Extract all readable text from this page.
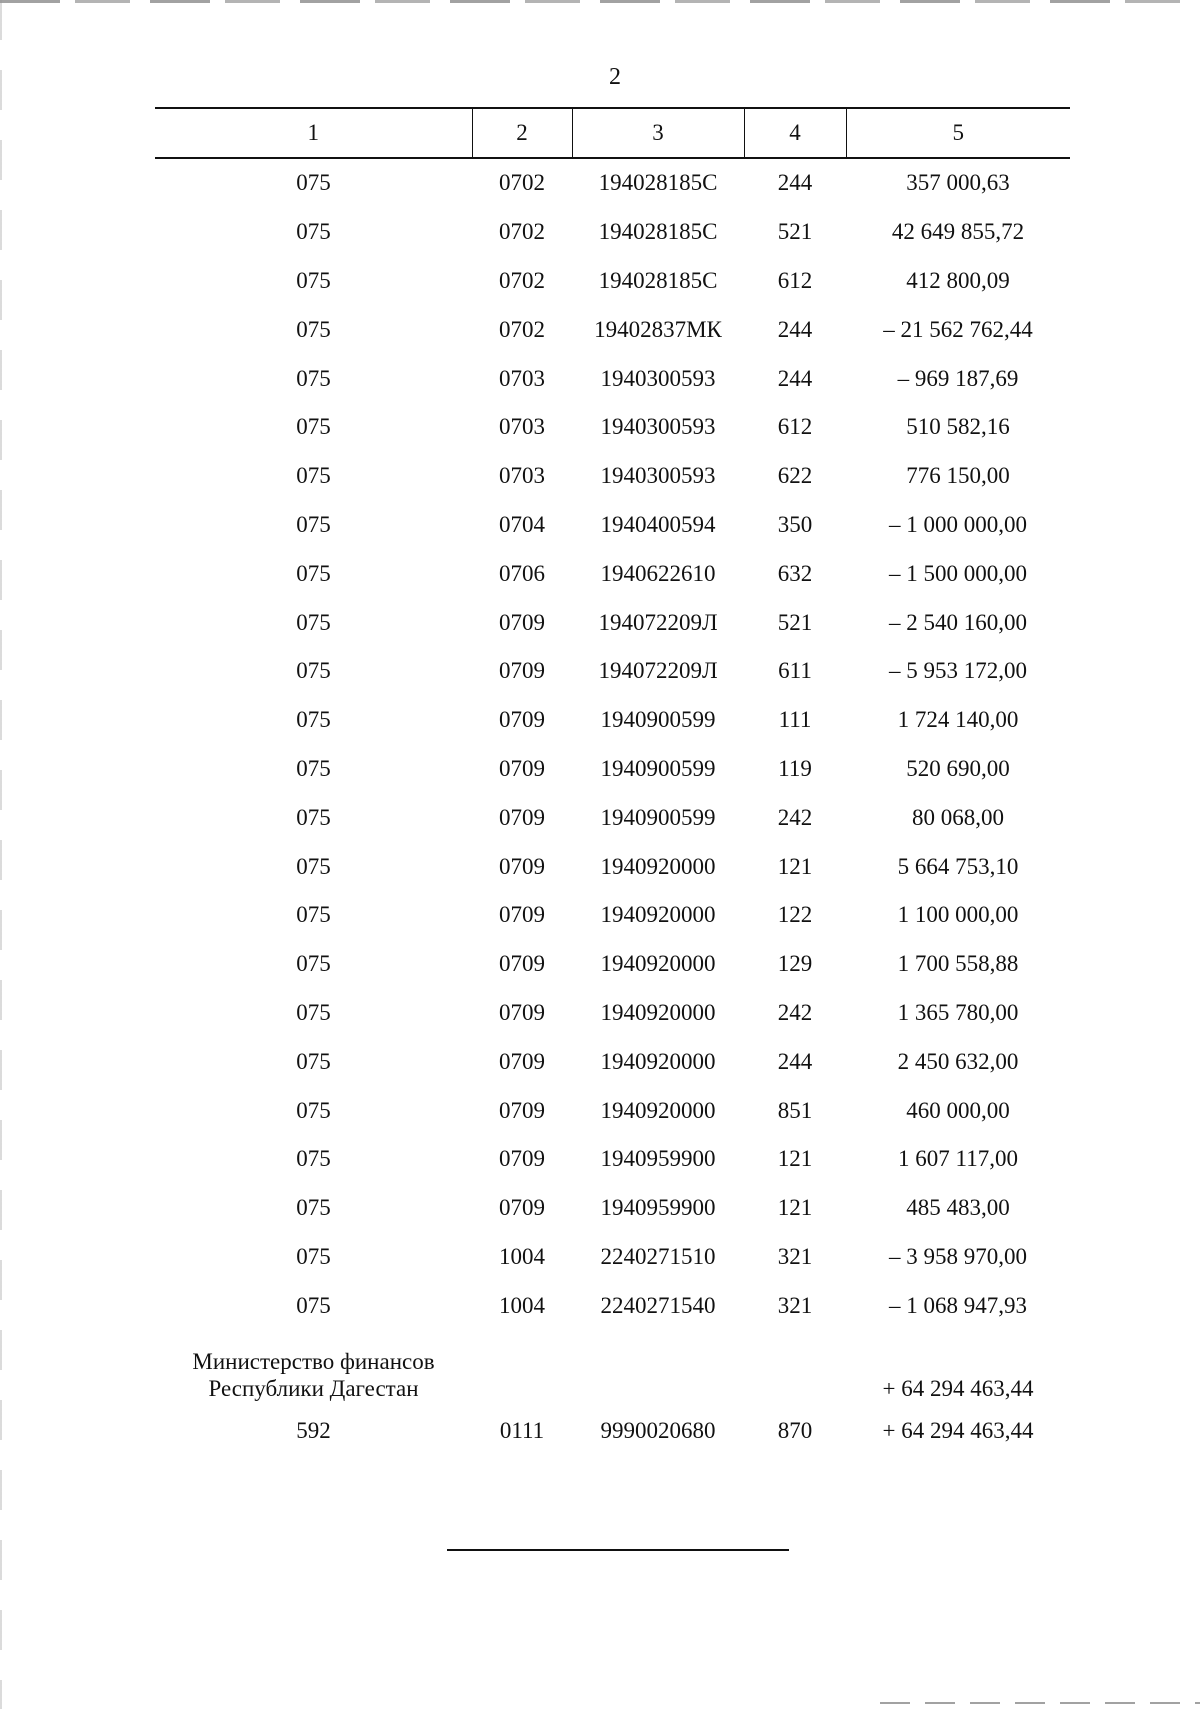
2
1	2	3	4	5
075	0702	194028185С	244	357 000,63
075	0702	194028185С	521	42 649 855,72
075	0702	194028185С	612	412 800,09
075	0702	19402837МК	244	– 21 562 762,44
075	0703	1940300593	244	– 969 187,69
075	0703	1940300593	612	510 582,16
075	0703	1940300593	622	776 150,00
075	0704	1940400594	350	– 1 000 000,00
075	0706	1940622610	632	– 1 500 000,00
075	0709	194072209Л	521	– 2 540 160,00
075	0709	194072209Л	611	– 5 953 172,00
075	0709	1940900599	111	1 724 140,00
075	0709	1940900599	119	520 690,00
075	0709	1940900599	242	80 068,00
075	0709	1940920000	121	5 664 753,10
075	0709	1940920000	122	1 100 000,00
075	0709	1940920000	129	1 700 558,88
075	0709	1940920000	242	1 365 780,00
075	0709	1940920000	244	2 450 632,00
075	0709	1940920000	851	460 000,00
075	0709	1940959900	121	1 607 117,00
075	0709	1940959900	121	485 483,00
075	1004	2240271510	321	– 3 958 970,00
075	1004	2240271540	321	– 1 068 947,93
Министерство финансов
Республики Дагестан				+ 64 294 463,44
592	0111	9990020680	870	+ 64 294 463,44
